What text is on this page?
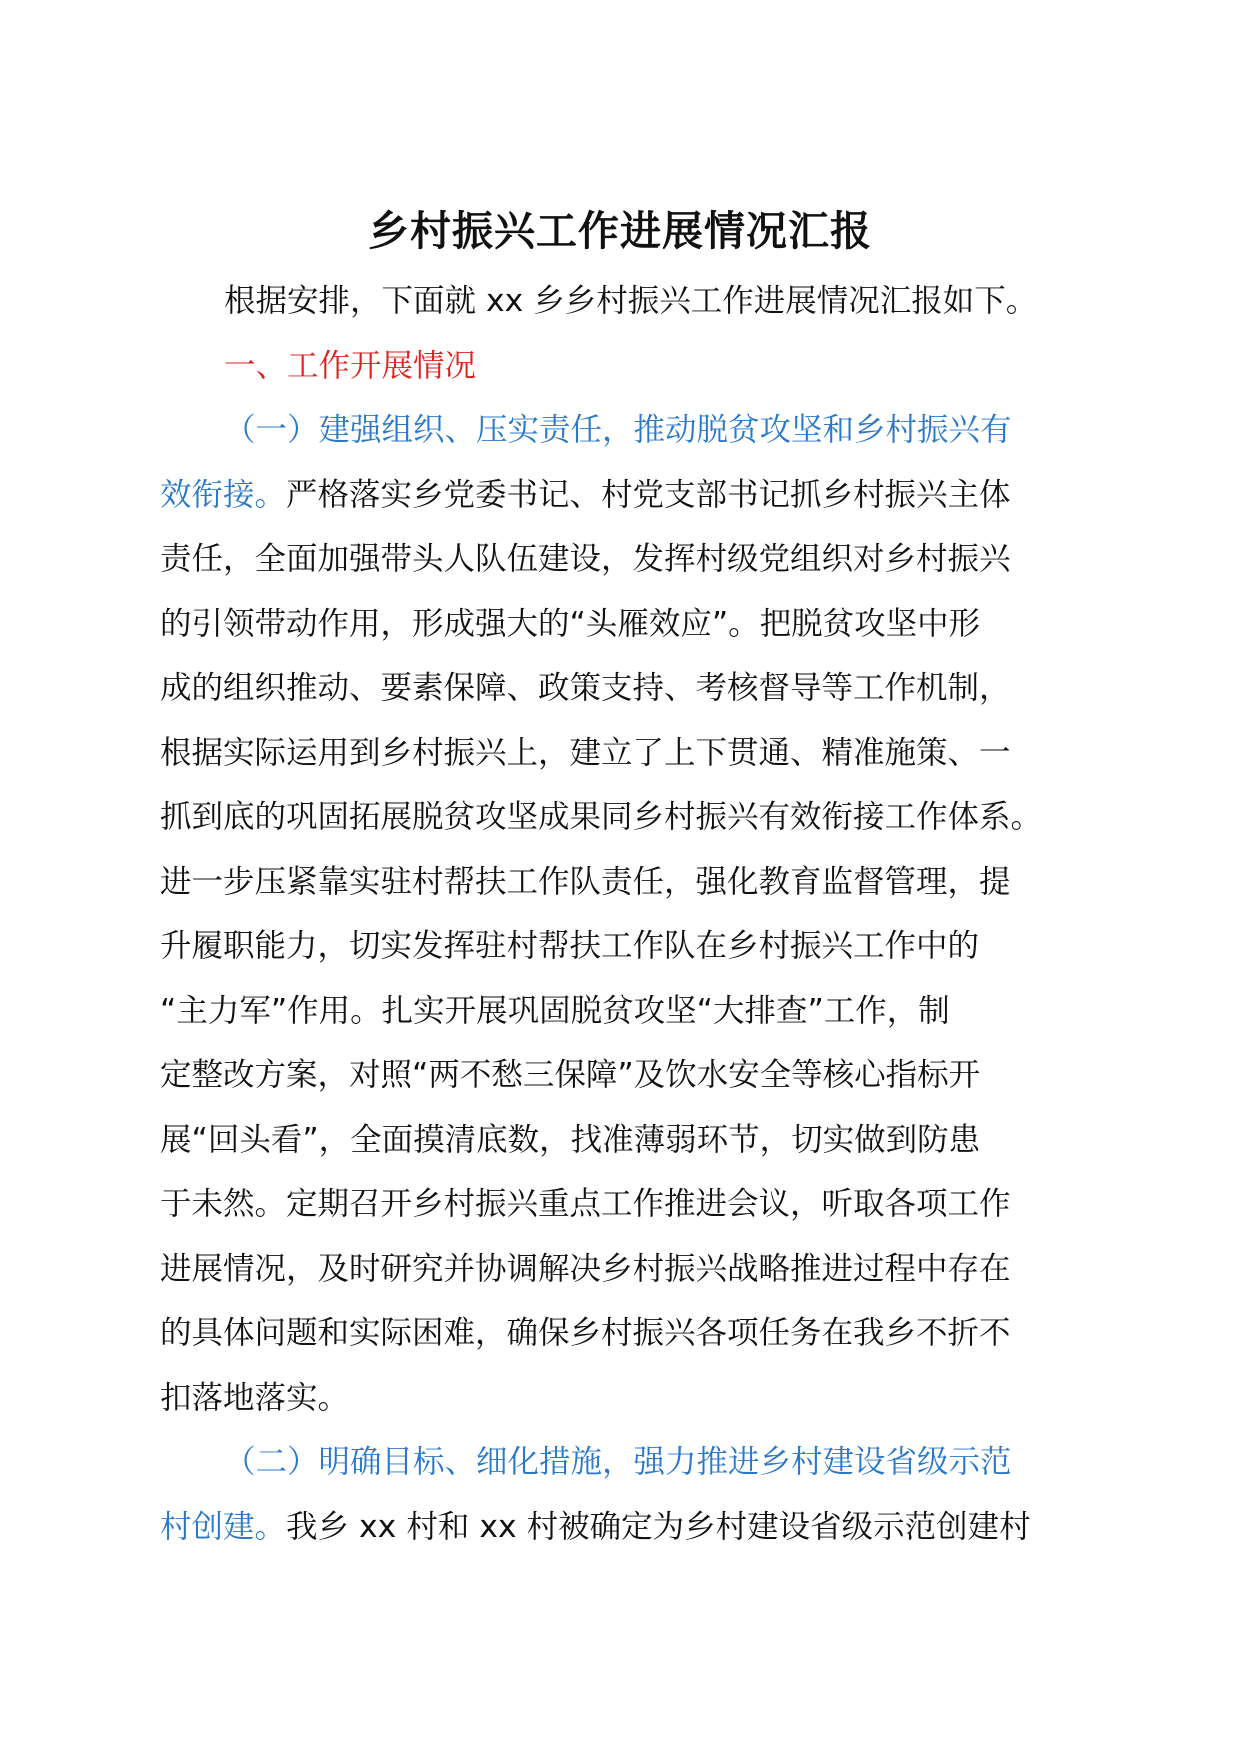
乡村振兴工作进展情况汇报
根据安排，下面就 xx 乡乡村振兴工作进展情况汇报如下。
一、工作开展情况
（一）建强组织、压实责任，推动脱贫攻坚和乡村振兴有
效衔接。严格落实乡党委书记、村党支部书记抓乡村振兴主体
责任，全面加强带头人队伍建设，发挥村级党组织对乡村振兴
的引领带动作用，形成强大的“头雁效应”。把脱贫攻坚中形
成的组织推动、要素保障、政策支持、考核督导等工作机制，
根据实际运用到乡村振兴上，建立了上下贯通、精准施策、一
抓到底的巩固拓展脱贫攻坚成果同乡村振兴有效衔接工作体系。
进一步压紧靠实驻村帮扶工作队责任，强化教育监督管理，提
升履职能力，切实发挥驻村帮扶工作队在乡村振兴工作中的
“主力军”作用。扎实开展巩固脱贫攻坚“大排查”工作，制
定整改方案，对照“两不愁三保障”及饮水安全等核心指标开
展“回头看”，全面摸清底数，找准薄弱环节，切实做到防患
于未然。定期召开乡村振兴重点工作推进会议，听取各项工作
进展情况，及时研究并协调解决乡村振兴战略推进过程中存在
的具体问题和实际困难，确保乡村振兴各项任务在我乡不折不
扣落地落实。
（二）明确目标、细化措施，强力推进乡村建设省级示范
村创建。我乡 xx 村和 xx 村被确定为乡村建设省级示范创建村
